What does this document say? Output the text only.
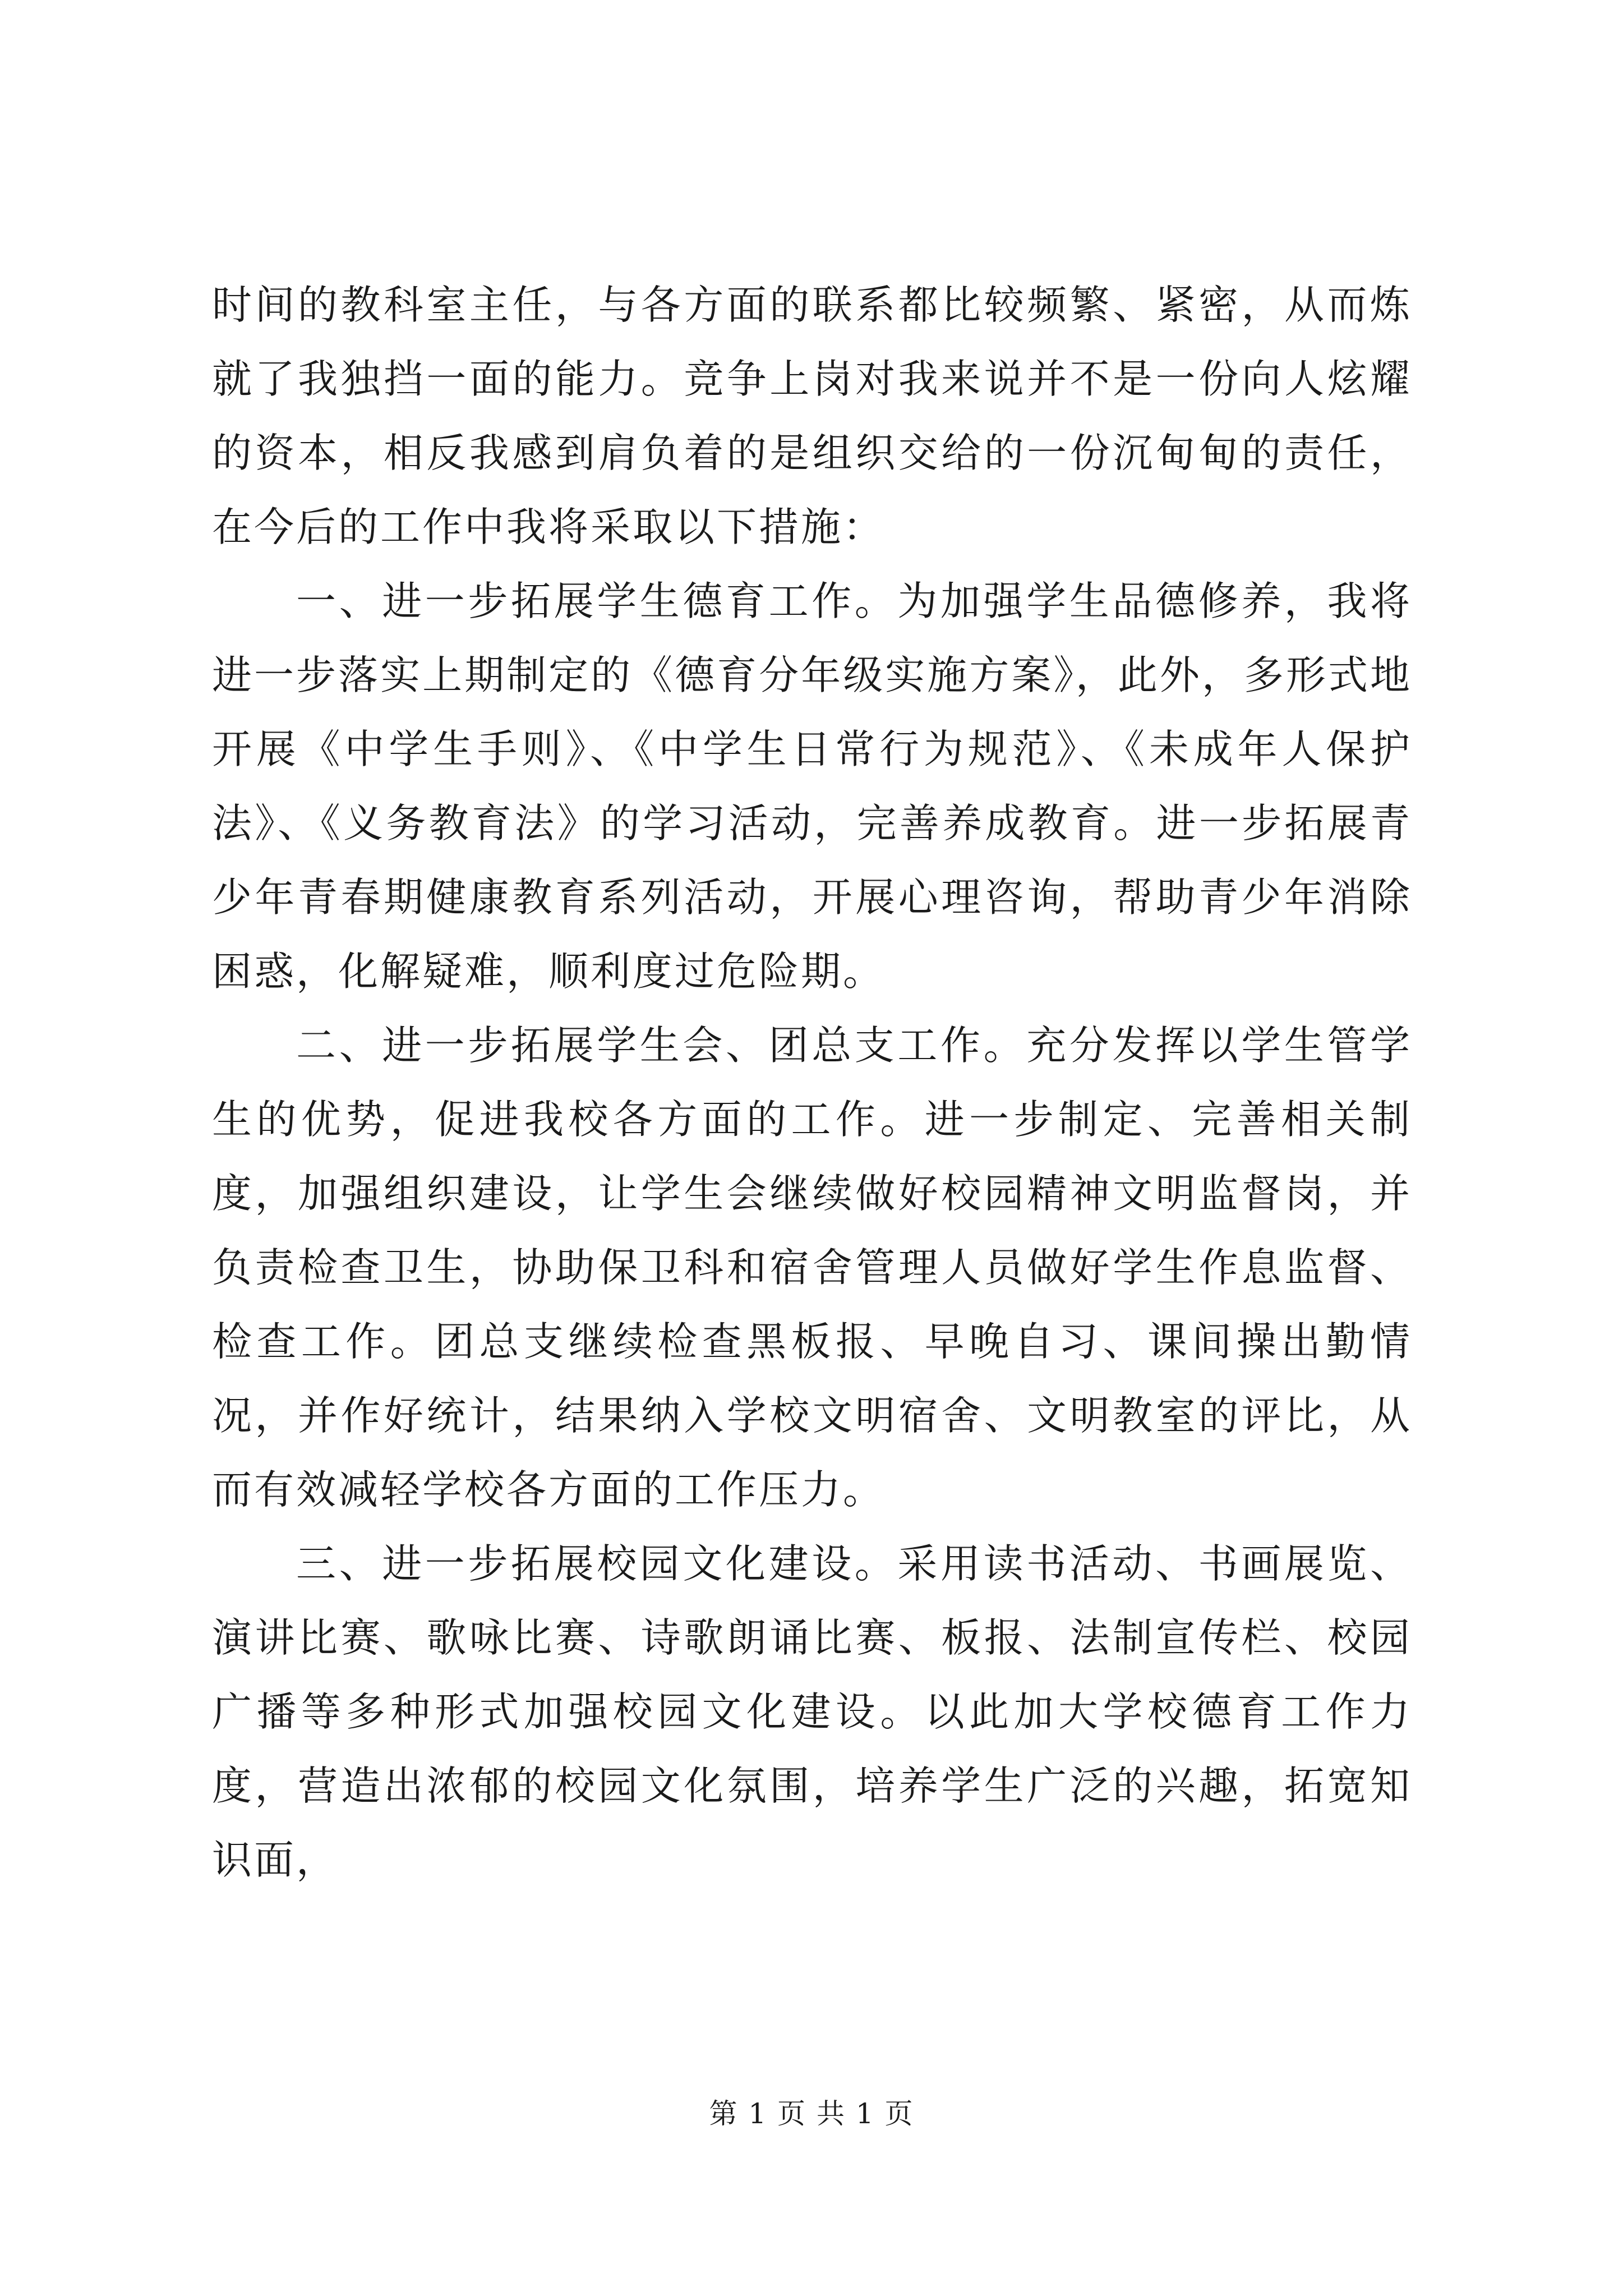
时间的教科室主任，与各方面的联系都比较频繁、紧密，从而炼就了我独挡一面的能力。竞争上岗对我来说并不是一份向人炫耀的资本，相反我感到肩负着的是组织交给的一份沉甸甸的责任，在今后的工作中我将采取以下措施：

一、进一步拓展学生德育工作。为加强学生品德修养，我将进一步落实上期制定的《德育分年级实施方案》，此外，多形式地开展《中学生手则》、《中学生日常行为规范》、《未成年人保护法》、《义务教育法》的学习活动，完善养成教育。进一步拓展青少年青春期健康教育系列活动，开展心理咨询，帮助青少年消除困惑，化解疑难，顺利度过危险期。

二、进一步拓展学生会、团总支工作。充分发挥以学生管学生的优势，促进我校各方面的工作。进一步制定、完善相关制度，加强组织建设，让学生会继续做好校园精神文明监督岗，并负责检查卫生，协助保卫科和宿舍管理人员做好学生作息监督、检查工作。团总支继续检查黑板报、早晚自习、课间操出勤情况，并作好统计，结果纳入学校文明宿舍、文明教室的评比，从而有效减轻学校各方面的工作压力。

三、进一步拓展校园文化建设。采用读书活动、书画展览、演讲比赛、歌咏比赛、诗歌朗诵比赛、板报、法制宣传栏、校园广播等多种形式加强校园文化建设。以此加大学校德育工作力度，营造出浓郁的校园文化氛围，培养学生广泛的兴趣，拓宽知识面，

第 1 页 共 1 页
